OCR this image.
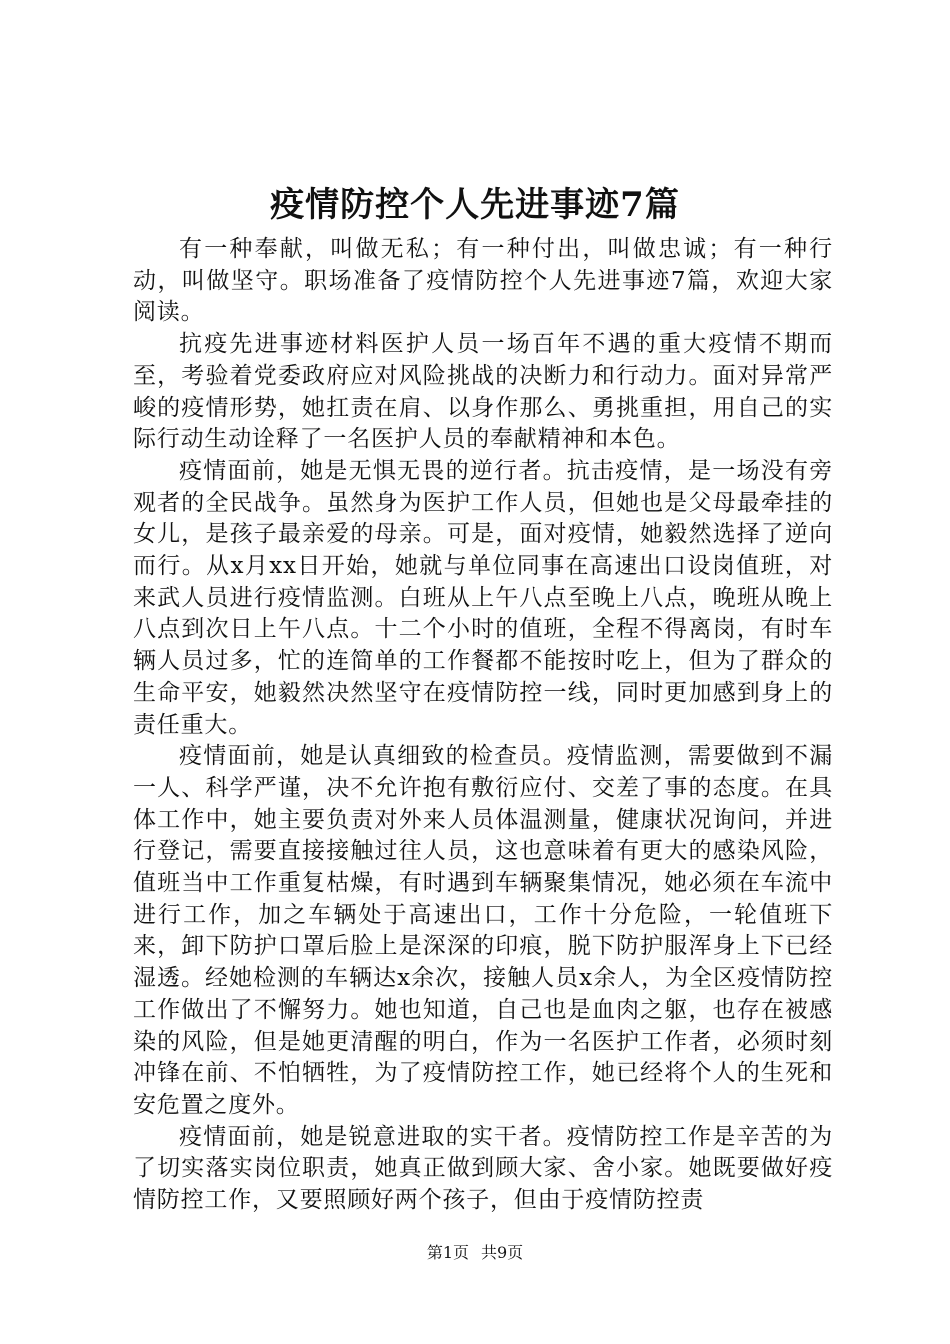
疫情防控个人先进事迹7篇

有一种奉献，叫做无私；有一种付出，叫做忠诚；有一种行动，叫做坚守。职场准备了疫情防控个人先进事迹7篇，欢迎大家阅读。

抗疫先进事迹材料医护人员一场百年不遇的重大疫情不期而至，考验着党委政府应对风险挑战的决断力和行动力。面对异常严峻的疫情形势，她扛责在肩、以身作那么、勇挑重担，用自己的实际行动生动诠释了一名医护人员的奉献精神和本色。

疫情面前，她是无惧无畏的逆行者。抗击疫情，是一场没有旁观者的全民战争。虽然身为医护工作人员，但她也是父母最牵挂的女儿，是孩子最亲爱的母亲。可是，面对疫情，她毅然选择了逆向而行。从x月xx日开始，她就与单位同事在高速出口设岗值班，对来武人员进行疫情监测。白班从上午八点至晚上八点，晚班从晚上八点到次日上午八点。十二个小时的值班，全程不得离岗，有时车辆人员过多，忙的连简单的工作餐都不能按时吃上，但为了群众的生命平安，她毅然决然坚守在疫情防控一线，同时更加感到身上的责任重大。

疫情面前，她是认真细致的检查员。疫情监测，需要做到不漏一人、科学严谨，决不允许抱有敷衍应付、交差了事的态度。在具体工作中，她主要负责对外来人员体温测量，健康状况询问，并进行登记，需要直接接触过往人员，这也意味着有更大的感染风险，值班当中工作重复枯燥，有时遇到车辆聚集情况，她必须在车流中进行工作，加之车辆处于高速出口，工作十分危险，一轮值班下来，卸下防护口罩后脸上是深深的印痕，脱下防护服浑身上下已经湿透。经她检测的车辆达x余次，接触人员x余人，为全区疫情防控工作做出了不懈努力。她也知道，自己也是血肉之躯，也存在被感染的风险，但是她更清醒的明白，作为一名医护工作者，必须时刻冲锋在前、不怕牺牲，为了疫情防控工作，她已经将个人的生死和安危置之度外。

疫情面前，她是锐意进取的实干者。疫情防控工作是辛苦的为了切实落实岗位职责，她真正做到顾大家、舍小家。她既要做好疫情防控工作，又要照顾好两个孩子，但由于疫情防控责

第1页 共9页
